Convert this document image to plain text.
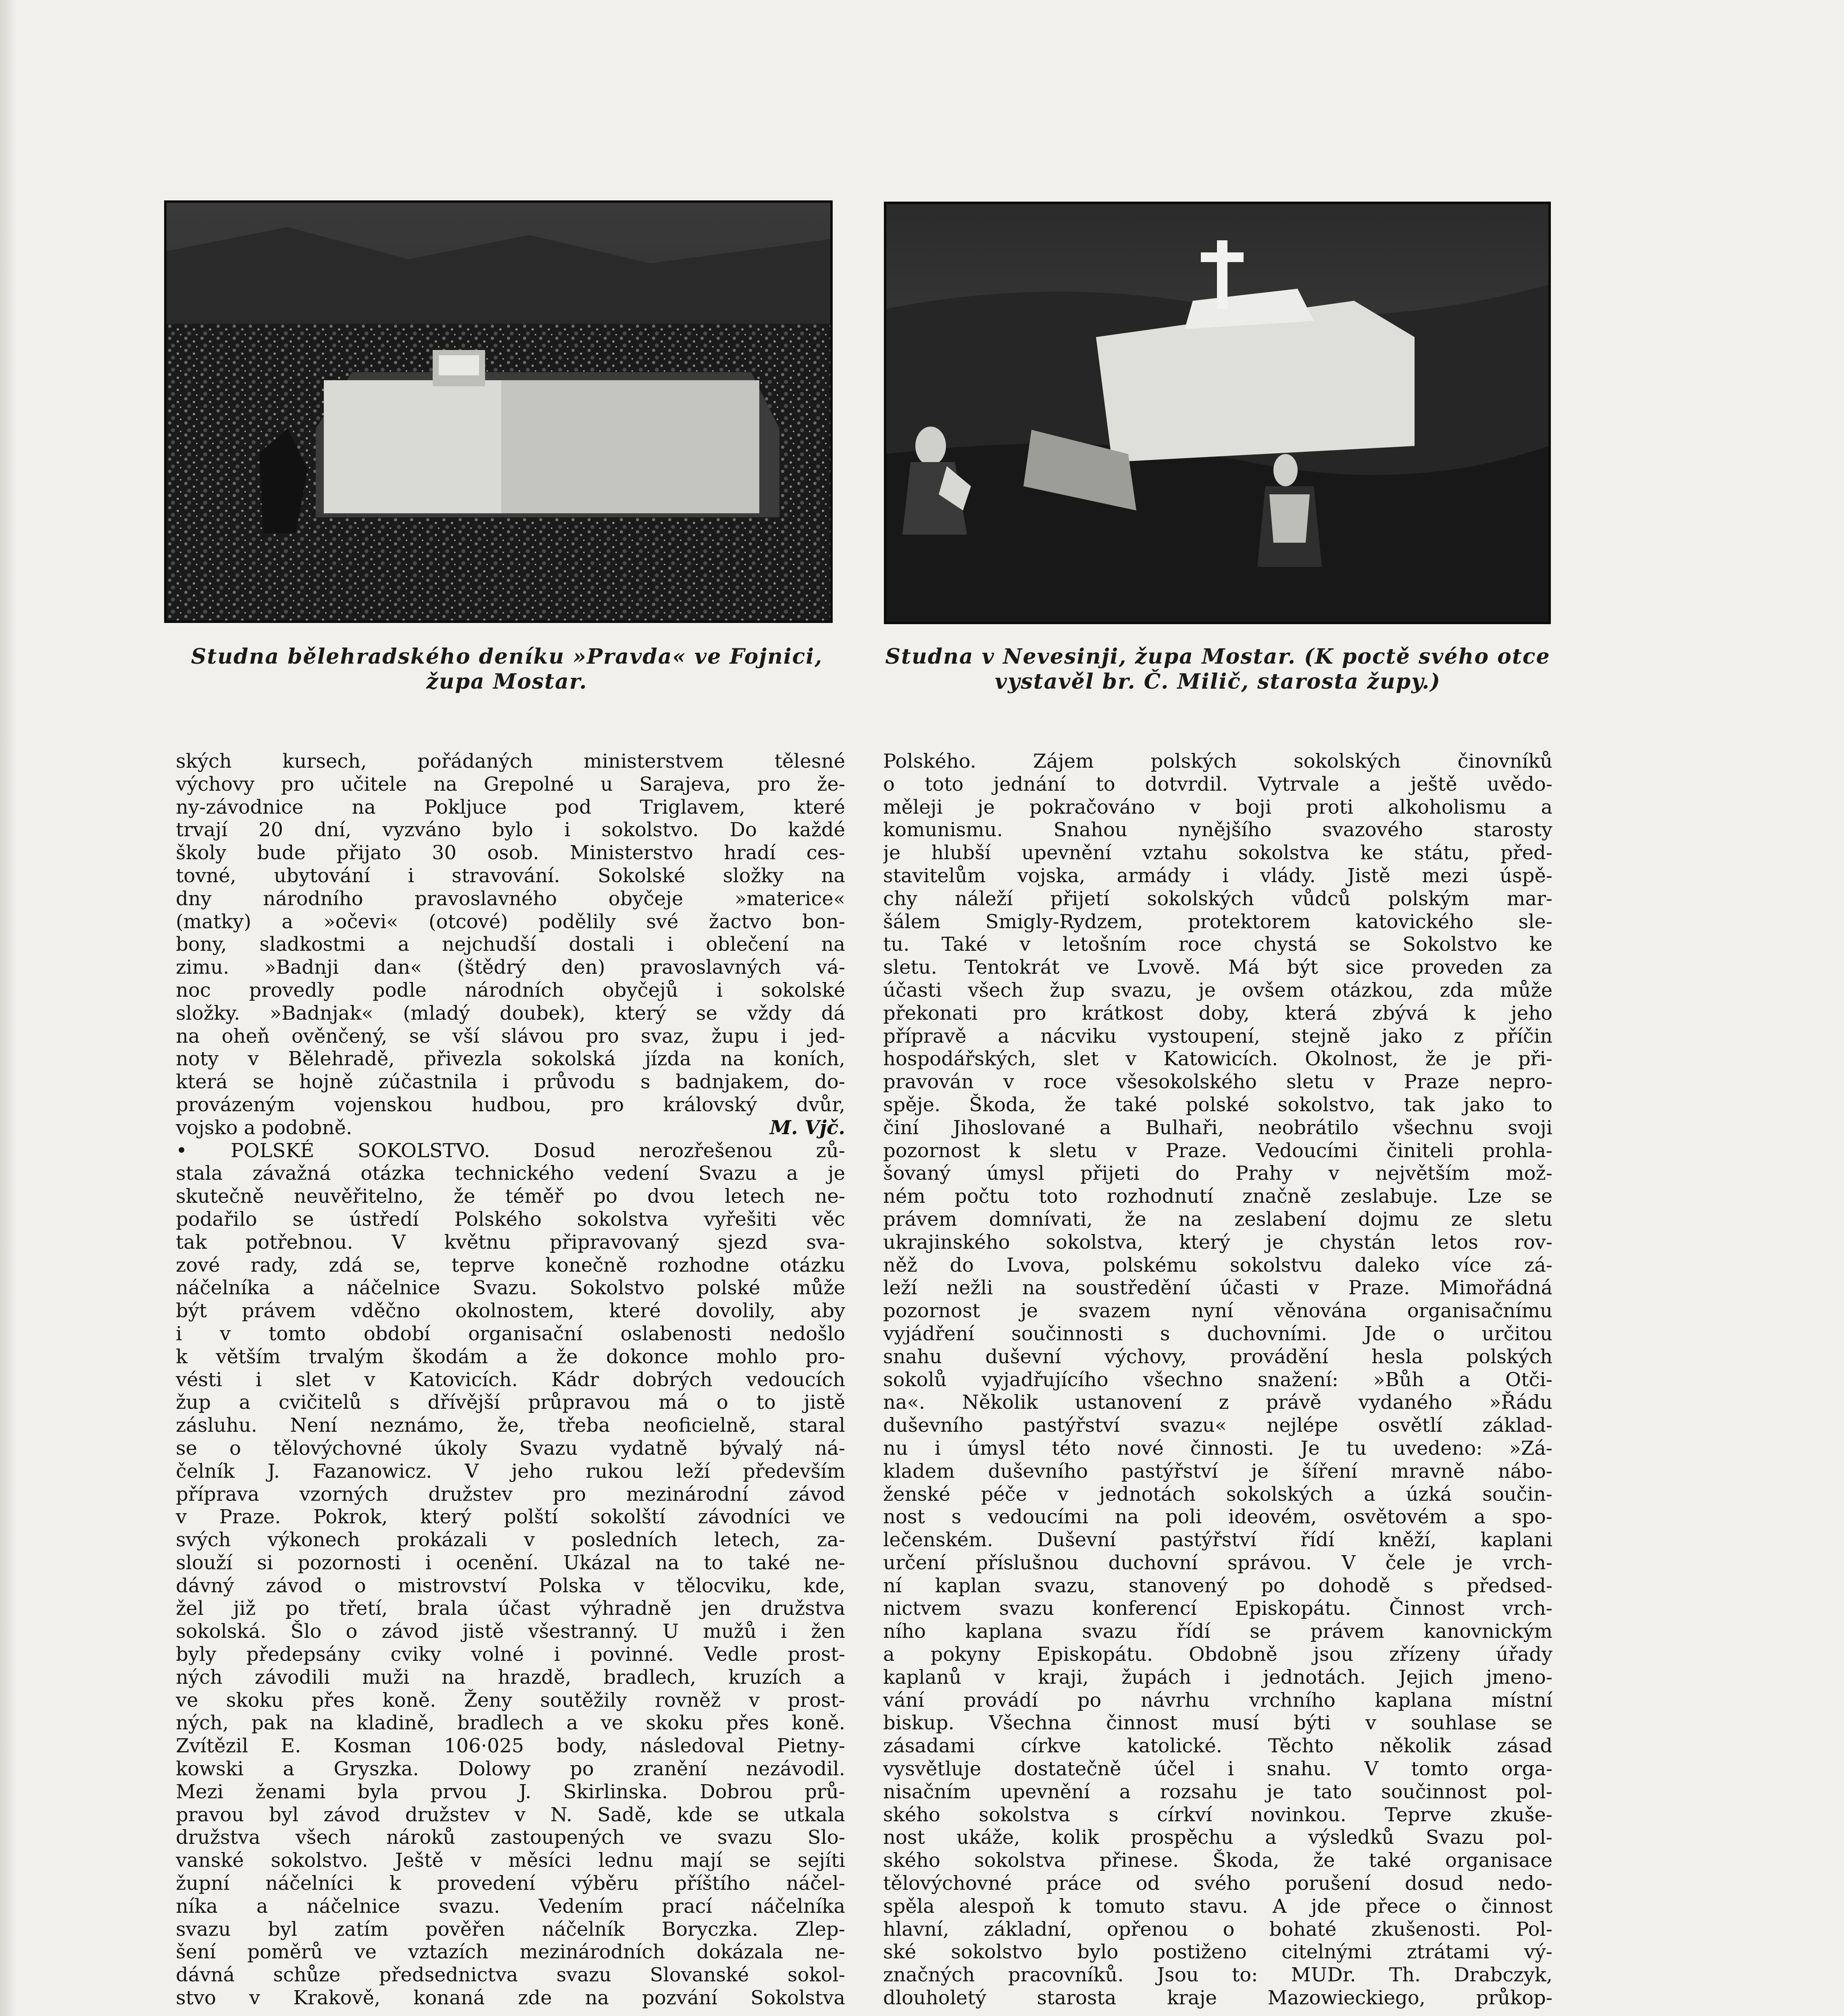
Studna bělehradského deníku »Pravda« ve Fojnici, župa Mostar.
Studna v Nevesinji, župa Mostar. (K poctě svého otce vystavěl br. Č. Milič, starosta župy.)
ských kursech, pořádaných ministerstvem tělesné
výchovy pro učitele na Grepolné u Sarajeva, pro že-
ny-závodnice na Pokljuce pod Triglavem, které
trvají 20 dní, vyzváno bylo i sokolstvo. Do každé
školy bude přijato 30 osob. Ministerstvo hradí ces-
tovné, ubytování i stravování. Sokolské složky na
dny národního pravoslavného obyčeje »materice«
(matky) a »očevi« (otcové) podělily své žactvo bon-
bony, sladkostmi a nejchudší dostali i oblečení na
zimu. »Badnji dan« (štědrý den) pravoslavných vá-
noc provedly podle národních obyčejů i sokolské
složky. »Badnjak« (mladý doubek), který se vždy dá
na oheň ověnčený, se vší slávou pro svaz, župu i jed-
noty v Bělehradě, přivezla sokolská jízda na koních,
která se hojně zúčastnila i průvodu s badnjakem, do-
provázeným vojenskou hudbou, pro královský dvůr,
vojsko a podobně.	M. Vjč.
• POLSKÉ SOKOLSTVO. Dosud nerozřešenou zů-
stala závažná otázka technického vedení Svazu a je
skutečně neuvěřitelno, že téměř po dvou letech ne-
podařilo se ústředí Polského sokolstva vyřešiti věc
tak potřebnou. V květnu připravovaný sjezd sva-
zové rady, zdá se, teprve konečně rozhodne otázku
náčelníka a náčelnice Svazu. Sokolstvo polské může
být právem vděčno okolnostem, které dovolily, aby
i v tomto období organisační oslabenosti nedošlo
k větším trvalým škodám a že dokonce mohlo pro-
vésti i slet v Katovicích. Kádr dobrých vedoucích
žup a cvičitelů s dřívější průpravou má o to jistě
zásluhu. Není neznámo, že, třeba neoficielně, staral
se o tělovýchovné úkoly Svazu vydatně bývalý ná-
čelník J. Fazanowicz. V jeho rukou leží především
příprava vzorných družstev pro mezinárodní závod
v Praze. Pokrok, který polští sokolští závodníci ve
svých výkonech prokázali v posledních letech, za-
slouží si pozornosti i ocenění. Ukázal na to také ne-
dávný závod o mistrovství Polska v tělocviku, kde,
žel již po třetí, brala účast výhradně jen družstva
sokolská. Šlo o závod jistě všestranný. U mužů i žen
byly předepsány cviky volné i povinné. Vedle prost-
ných závodili muži na hrazdě, bradlech, kruzích a
ve skoku přes koně. Ženy soutěžily rovněž v prost-
ných, pak na kladině, bradlech a ve skoku přes koně.
Zvítězil E. Kosman 106·025 body, následoval Pietny-
kowski a Gryszka. Dolowy po zranění nezávodil.
Mezi ženami byla prvou J. Skirlinska. Dobrou prů-
pravou byl závod družstev v N. Sadě, kde se utkala
družstva všech nároků zastoupených ve svazu Slo-
vanské sokolstvo. Ještě v měsíci lednu mají se sejíti
župní náčelníci k provedení výběru příštího náčel-
níka a náčelnice svazu. Vedením prací náčelníka
svazu byl zatím pověřen náčelník Boryczka. Zlep-
šení poměrů ve vztazích mezinárodních dokázala ne-
dávná schůze předsednictva svazu Slovanské sokol-
stvo v Krakově, konaná zde na pozvání Sokolstva
Polského. Zájem polských sokolských činovníků
o toto jednání to dotvrdil. Vytrvale a ještě uvědo-
měleji je pokračováno v boji proti alkoholismu a
komunismu. Snahou nynějšího svazového starosty
je hlubší upevnění vztahu sokolstva ke státu, před-
stavitelům vojska, armády i vlády. Jistě mezi úspě-
chy náleží přijetí sokolských vůdců polským mar-
šálem Smigly-Rydzem, protektorem katovického sle-
tu. Také v letošním roce chystá se Sokolstvo ke
sletu. Tentokrát ve Lvově. Má být sice proveden za
účasti všech žup svazu, je ovšem otázkou, zda může
překonati pro krátkost doby, která zbývá k jeho
přípravě a nácviku vystoupení, stejně jako z příčin
hospodářských, slet v Katowicích. Okolnost, že je při-
pravován v roce všesokolského sletu v Praze nepro-
spěje. Škoda, že také polské sokolstvo, tak jako to
činí Jihoslované a Bulhaři, neobrátilo všechnu svoji
pozornost k sletu v Praze. Vedoucími činiteli prohla-
šovaný úmysl přijeti do Prahy v největším mož-
ném počtu toto rozhodnutí značně zeslabuje. Lze se
právem domnívati, že na zeslabení dojmu ze sletu
ukrajinského sokolstva, který je chystán letos rov-
něž do Lvova, polskému sokolstvu daleko více zá-
leží nežli na soustředění účasti v Praze. Mimořádná
pozornost je svazem nyní věnována organisačnímu
vyjádření součinnosti s duchovními. Jde o určitou
snahu duševní výchovy, provádění hesla polských
sokolů vyjadřujícího všechno snažení: »Bůh a Otči-
na«. Několik ustanovení z právě vydaného »Řádu
duševního pastýřství svazu« nejlépe osvětlí základ-
nu i úmysl této nové činnosti. Je tu uvedeno: »Zá-
kladem duševního pastýřství je šíření mravně nábo-
ženské péče v jednotách sokolských a úzká součin-
nost s vedoucími na poli ideovém, osvětovém a spo-
lečenském. Duševní pastýřství řídí kněží, kaplani
určení příslušnou duchovní správou. V čele je vrch-
ní kaplan svazu, stanovený po dohodě s předsed-
nictvem svazu konferencí Episkopátu. Činnost vrch-
ního kaplana svazu řídí se právem kanovnickým
a pokyny Episkopátu. Obdobně jsou zřízeny úřady
kaplanů v kraji, župách i jednotách. Jejich jmeno-
vání provádí po návrhu vrchního kaplana místní
biskup. Všechna činnost musí býti v souhlase se
zásadami církve katolické. Těchto několik zásad
vysvětluje dostatečně účel i snahu. V tomto orga-
nisačním upevnění a rozsahu je tato součinnost pol-
ského sokolstva s církví novinkou. Teprve zkuše-
nost ukáže, kolik prospěchu a výsledků Svazu pol-
ského sokolstva přinese. Škoda, že také organisace
tělovýchovné práce od svého porušení dosud nedo-
spěla alespoň k tomuto stavu. A jde přece o činnost
hlavní, základní, opřenou o bohaté zkušenosti. Pol-
ské sokolstvo bylo postiženo citelnými ztrátami vý-
značných pracovníků. Jsou to: MUDr. Th. Drabczyk,
dlouholetý starosta kraje Mazowieckiego, průkop-
